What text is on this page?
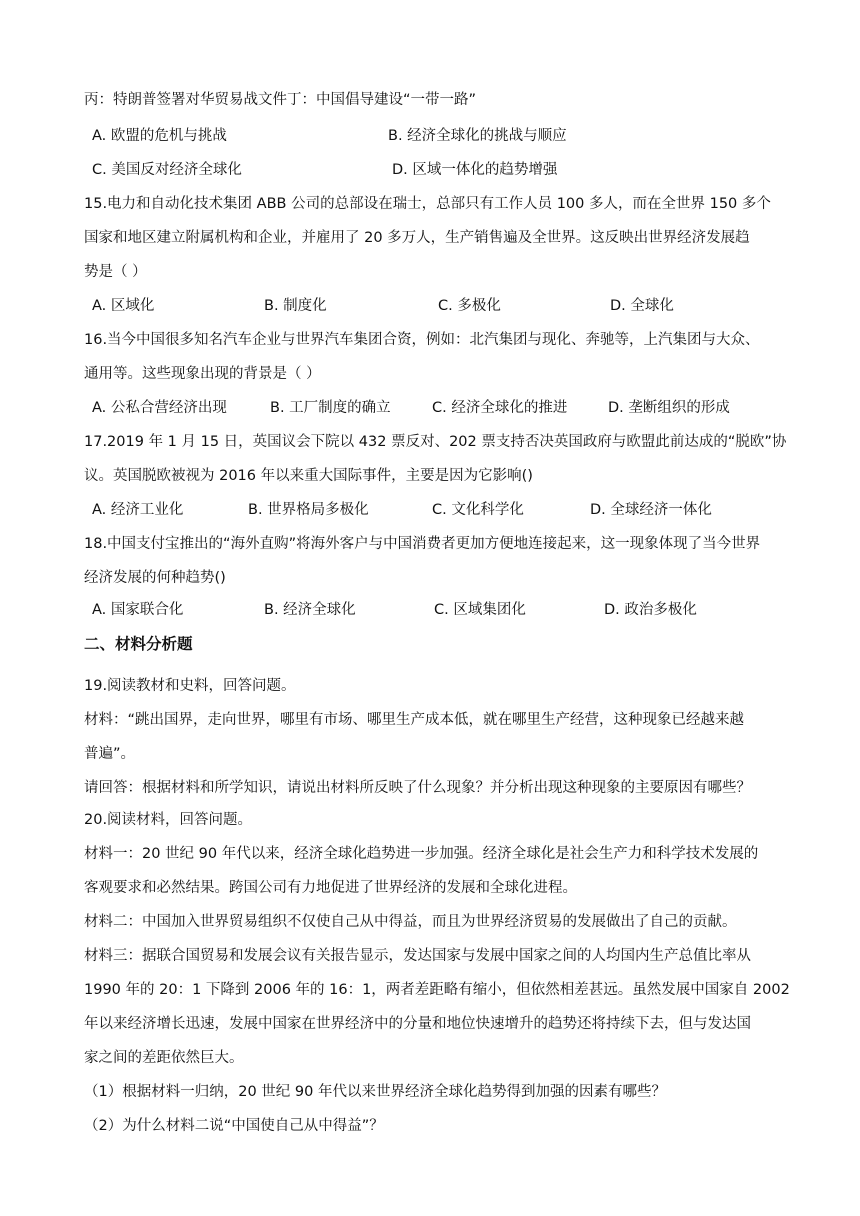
丙：特朗普签署对华贸易战文件丁：中国倡导建设“一带一路”
A. 欧盟的危机与挑战	B. 经济全球化的挑战与顺应
C. 美国反对经济全球化	D. 区域一体化的趋势增强
15.电力和自动化技术集团 ABB 公司的总部设在瑞士，总部只有工作人员 100 多人，而在全世界 150 多个
国家和地区建立附属机构和企业，并雇用了 20 多万人，生产销售遍及全世界。这反映出世界经济发展趋
势是（ ）
A. 区域化	B. 制度化	C. 多极化	D. 全球化
16.当今中国很多知名汽车企业与世界汽车集团合资，例如：北汽集团与现化、奔驰等，上汽集团与大众、
通用等。这些现象出现的背景是（ ）
A. 公私合营经济出现	B. 工厂制度的确立	C. 经济全球化的推进	D. 垄断组织的形成
17.2019 年 1 月 15 日，英国议会下院以 432 票反对、202 票支持否决英国政府与欧盟此前达成的“脱欧”协
议。英国脱欧被视为 2016 年以来重大国际事件，主要是因为它影响()
A. 经济工业化	B. 世界格局多极化	C. 文化科学化	D. 全球经济一体化
18.中国支付宝推出的“海外直购”将海外客户与中国消费者更加方便地连接起来，这一现象体现了当今世界
经济发展的何种趋势()
A. 国家联合化	B. 经济全球化	C. 区域集团化	D. 政治多极化
二、材料分析题
19.阅读教材和史料，回答问题。
材料：“跳出国界，走向世界，哪里有市场、哪里生产成本低，就在哪里生产经营，这种现象已经越来越
普遍”。
请回答：根据材料和所学知识，请说出材料所反映了什么现象？并分析出现这种现象的主要原因有哪些？
20.阅读材料，回答问题。
材料一：20 世纪 90 年代以来，经济全球化趋势进一步加强。经济全球化是社会生产力和科学技术发展的
客观要求和必然结果。跨国公司有力地促进了世界经济的发展和全球化进程。
材料二：中国加入世界贸易组织不仅使自己从中得益，而且为世界经济贸易的发展做出了自己的贡献。
材料三：据联合国贸易和发展会议有关报告显示，发达国家与发展中国家之间的人均国内生产总值比率从
1990 年的 20：1 下降到 2006 年的 16：1，两者差距略有缩小，但依然相差甚远。虽然发展中国家自 2002
年以来经济增长迅速，发展中国家在世界经济中的分量和地位快速增升的趋势还将持续下去，但与发达国
家之间的差距依然巨大。
（1）根据材料一归纳，20 世纪 90 年代以来世界经济全球化趋势得到加强的因素有哪些？
（2）为什么材料二说“中国使自己从中得益”？
